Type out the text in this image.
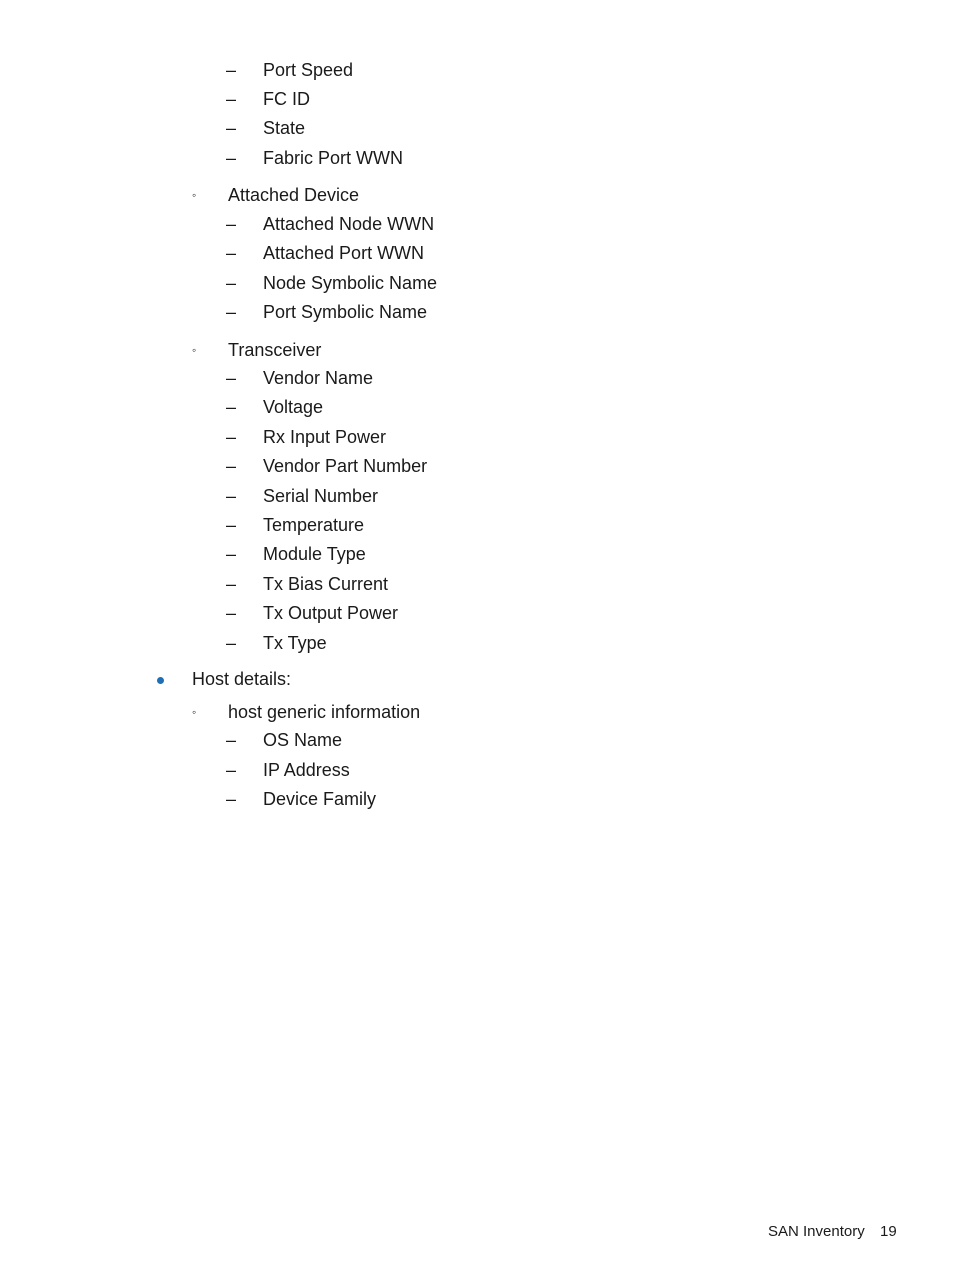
– Port Speed
– FC ID
– State
– Fabric Port WWN
◦ Attached Device
– Attached Node WWN
– Attached Port WWN
– Node Symbolic Name
– Port Symbolic Name
◦ Transceiver
– Vendor Name
– Voltage
– Rx Input Power
– Vendor Part Number
– Serial Number
– Temperature
– Module Type
– Tx Bias Current
– Tx Output Power
– Tx Type
Host details:
◦ host generic information
– OS Name
– IP Address
– Device Family
SAN Inventory 19
